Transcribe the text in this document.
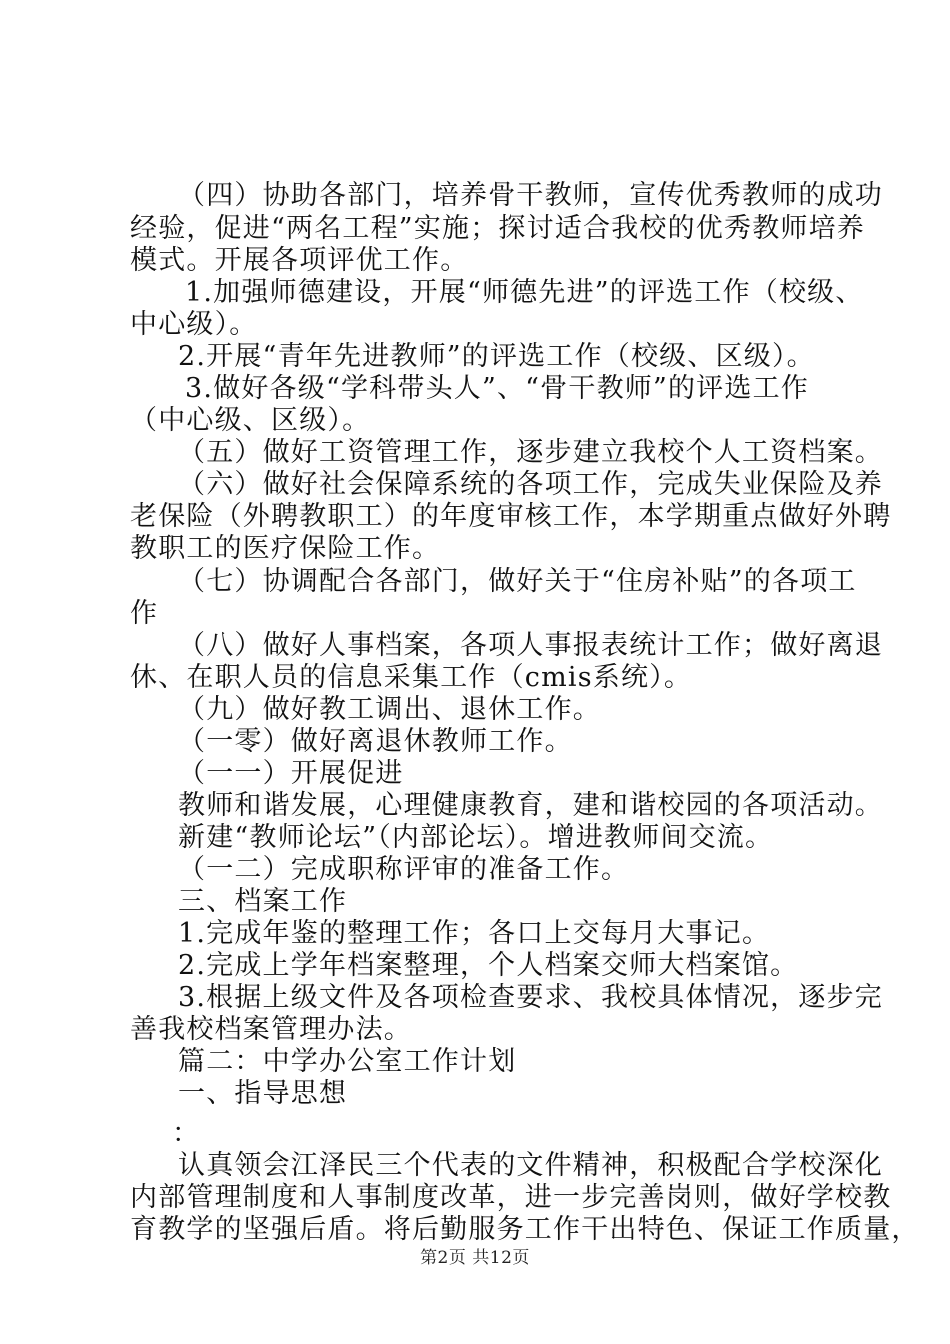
（四）协助各部门，培养骨干教师，宣传优秀教师的成功
经验，促进“两名工程”实施；探讨适合我校的优秀教师培养
模式。开展各项评优工作。
1.加强师德建设，开展“师德先进”的评选工作（校级、
中心级）。
2.开展“青年先进教师”的评选工作（校级、区级）。
3.做好各级“学科带头人”、“骨干教师”的评选工作
（中心级、区级）。
（五）做好工资管理工作，逐步建立我校个人工资档案。
（六）做好社会保障系统的各项工作，完成失业保险及养
老保险（外聘教职工）的年度审核工作，本学期重点做好外聘
教职工的医疗保险工作。
（七）协调配合各部门，做好关于“住房补贴”的各项工
作
（八）做好人事档案，各项人事报表统计工作；做好离退
休、在职人员的信息采集工作（cmis系统）。
（九）做好教工调出、退休工作。
（一零）做好离退休教师工作。
（一一）开展促进
教师和谐发展，心理健康教育，建和谐校园的各项活动。
新建“教师论坛”（内部论坛）。增进教师间交流。
（一二）完成职称评审的准备工作。
三、档案工作
1.完成年鉴的整理工作；各口上交每月大事记。
2.完成上学年档案整理，个人档案交师大档案馆。
3.根据上级文件及各项检查要求、我校具体情况，逐步完
善我校档案管理办法。
篇二：中学办公室工作计划
一、指导思想
：
认真领会江泽民三个代表的文件精神，积极配合学校深化
内部管理制度和人事制度改革，进一步完善岗则，做好学校教
育教学的坚强后盾。将后勤服务工作干出特色、保证工作质量，
第2页 共12页
